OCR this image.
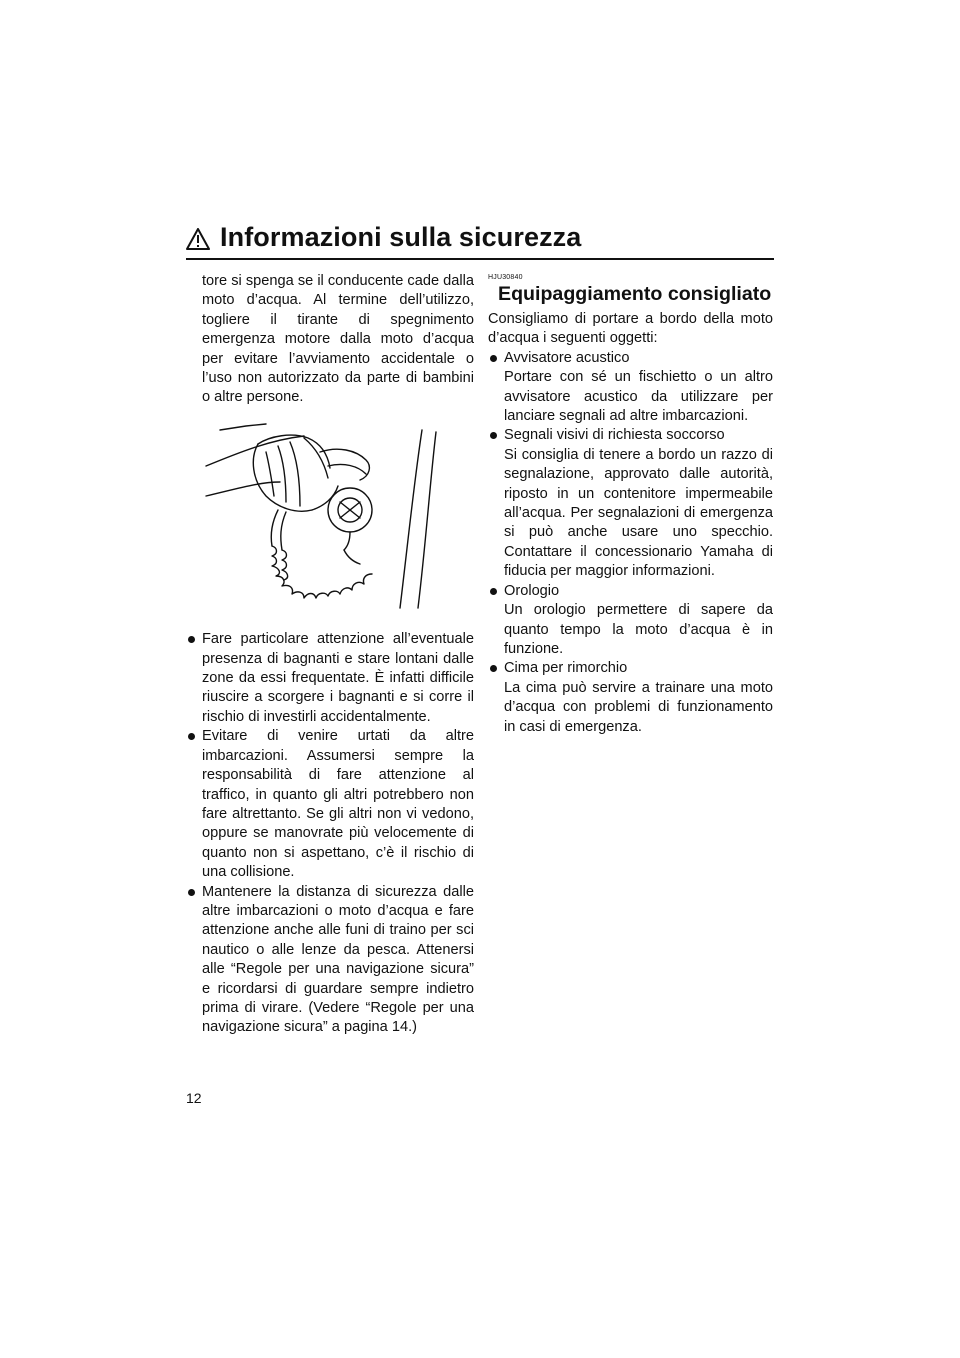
Informazioni sulla sicurezza

tore si spenga se il conducente cade dalla moto d’acqua. Al termine dell’utilizzo, togliere il tirante di spegnimento emergenza motore dalla moto d’acqua per evitare l’avviamento accidentale o l’uso non autorizzato da parte di bambini o altre persone.

Fare particolare attenzione all’eventuale presenza di bagnanti e stare lontani dalle zone da essi frequentate. È infatti difficile riuscire a scorgere i bagnanti e si corre il rischio di investirli accidentalmente.
Evitare di venire urtati da altre imbarcazioni. Assumersi sempre la responsabilità di fare attenzione al traffico, in quanto gli altri potrebbero non fare altrettanto. Se gli altri non vi vedono, oppure se manovrate più velocemente di quanto non si aspettano, c’è il rischio di una collisione.
Mantenere la distanza di sicurezza dalle altre imbarcazioni o moto d’acqua e fare attenzione anche alle funi di traino per sci nautico o alle lenze da pesca. Attenersi alle “Regole per una navigazione sicura” e ricordarsi di guardare sempre indietro prima di virare. (Vedere “Regole per una navigazione sicura” a pagina 14.)
HJU30840
Equipaggiamento consigliato

Consigliamo di portare a bordo della moto d’acqua i seguenti oggetti:

Avvisatore acustico
Portare con sé un fischietto o un altro avvisatore acustico da utilizzare per lanciare segnali ad altre imbarcazioni.
Segnali visivi di richiesta soccorso
Si consiglia di tenere a bordo un razzo di segnalazione, approvato dalle autorità, riposto in un contenitore impermeabile all’acqua. Per segnalazioni di emergenza si può anche usare uno specchio. Contattare il concessionario Yamaha di fiducia per maggior informazioni.
Orologio
Un orologio permettere di sapere da quanto tempo la moto d’acqua è in funzione.
Cima per rimorchio
La cima può servire a trainare una moto d’acqua con problemi di funzionamento in casi di emergenza.
12
